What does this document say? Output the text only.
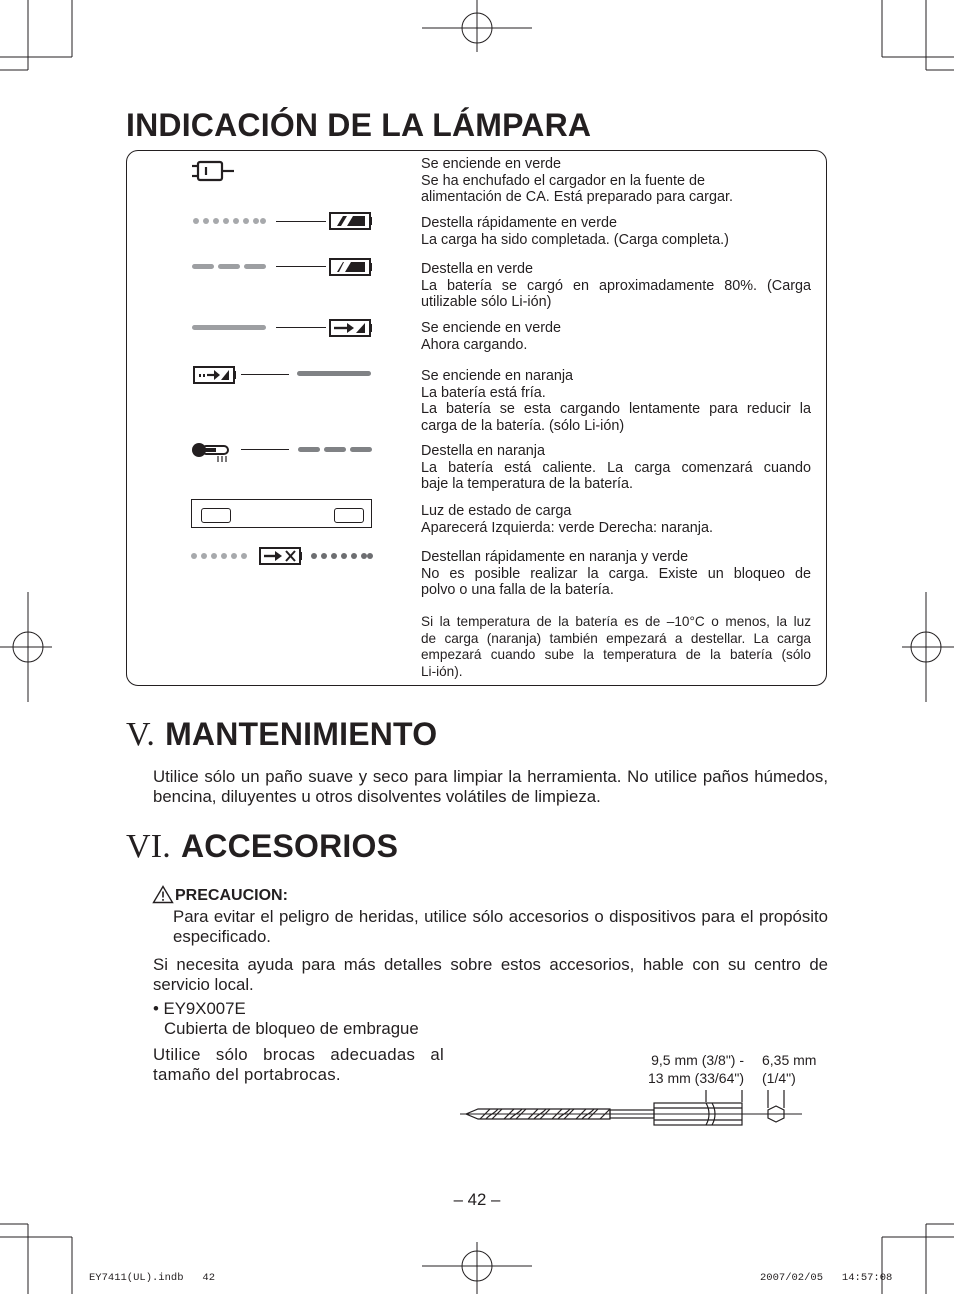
INDICACIÓN DE LA LÁMPARA
Se enciende en verde
Se ha enchufado el cargador en la fuente de
alimentación de CA. Está preparado para cargar.
Destella rápidamente en verde
La carga ha sido completada. (Carga completa.)
Destella en verde
La batería se cargó en aproximadamente 80%. (Carga
utilizable sólo Li-ión)
Se enciende en verde
Ahora cargando.
Se enciende en naranja
La batería está fría.
La batería se esta cargando lentamente para reducir la
carga de la batería. (sólo Li-ión)
Destella en naranja
La batería está caliente. La carga comenzará cuando
baje la temperatura de la batería.
Luz de estado de carga
Aparecerá Izquierda: verde Derecha: naranja.
Destellan rápidamente en naranja y verde
No es posible realizar la carga. Existe un bloqueo de
polvo o una falla de la batería.
Si la temperatura de la batería es de –10°C o menos, la luz
de carga (naranja) también empezará a destellar. La carga
empezará cuando sube la temperatura de la batería (sólo
Li-ión).
V. MANTENIMIENTO
Utilice sólo un paño suave y seco para limpiar la herramienta. No utilice paños húmedos, bencina, diluyentes u otros disolventes volátiles de limpieza.
VI. ACCESORIOS
PRECAUCION:
Para evitar el peligro de heridas, utilice sólo accesorios o dispositivos para el propósito especificado.
Si necesita ayuda para más detalles sobre estos accesorios, hable con su centro de servicio local.
• EY9X007E
Cubierta de bloqueo de embrague
Utilice sólo brocas adecuadas al tamaño del portabrocas.
9,5 mm (3/8") -
13 mm (33/64")
6,35 mm
(1/4")
– 42 –
EY7411(UL).indb   42	2007/02/05   14:57:08
